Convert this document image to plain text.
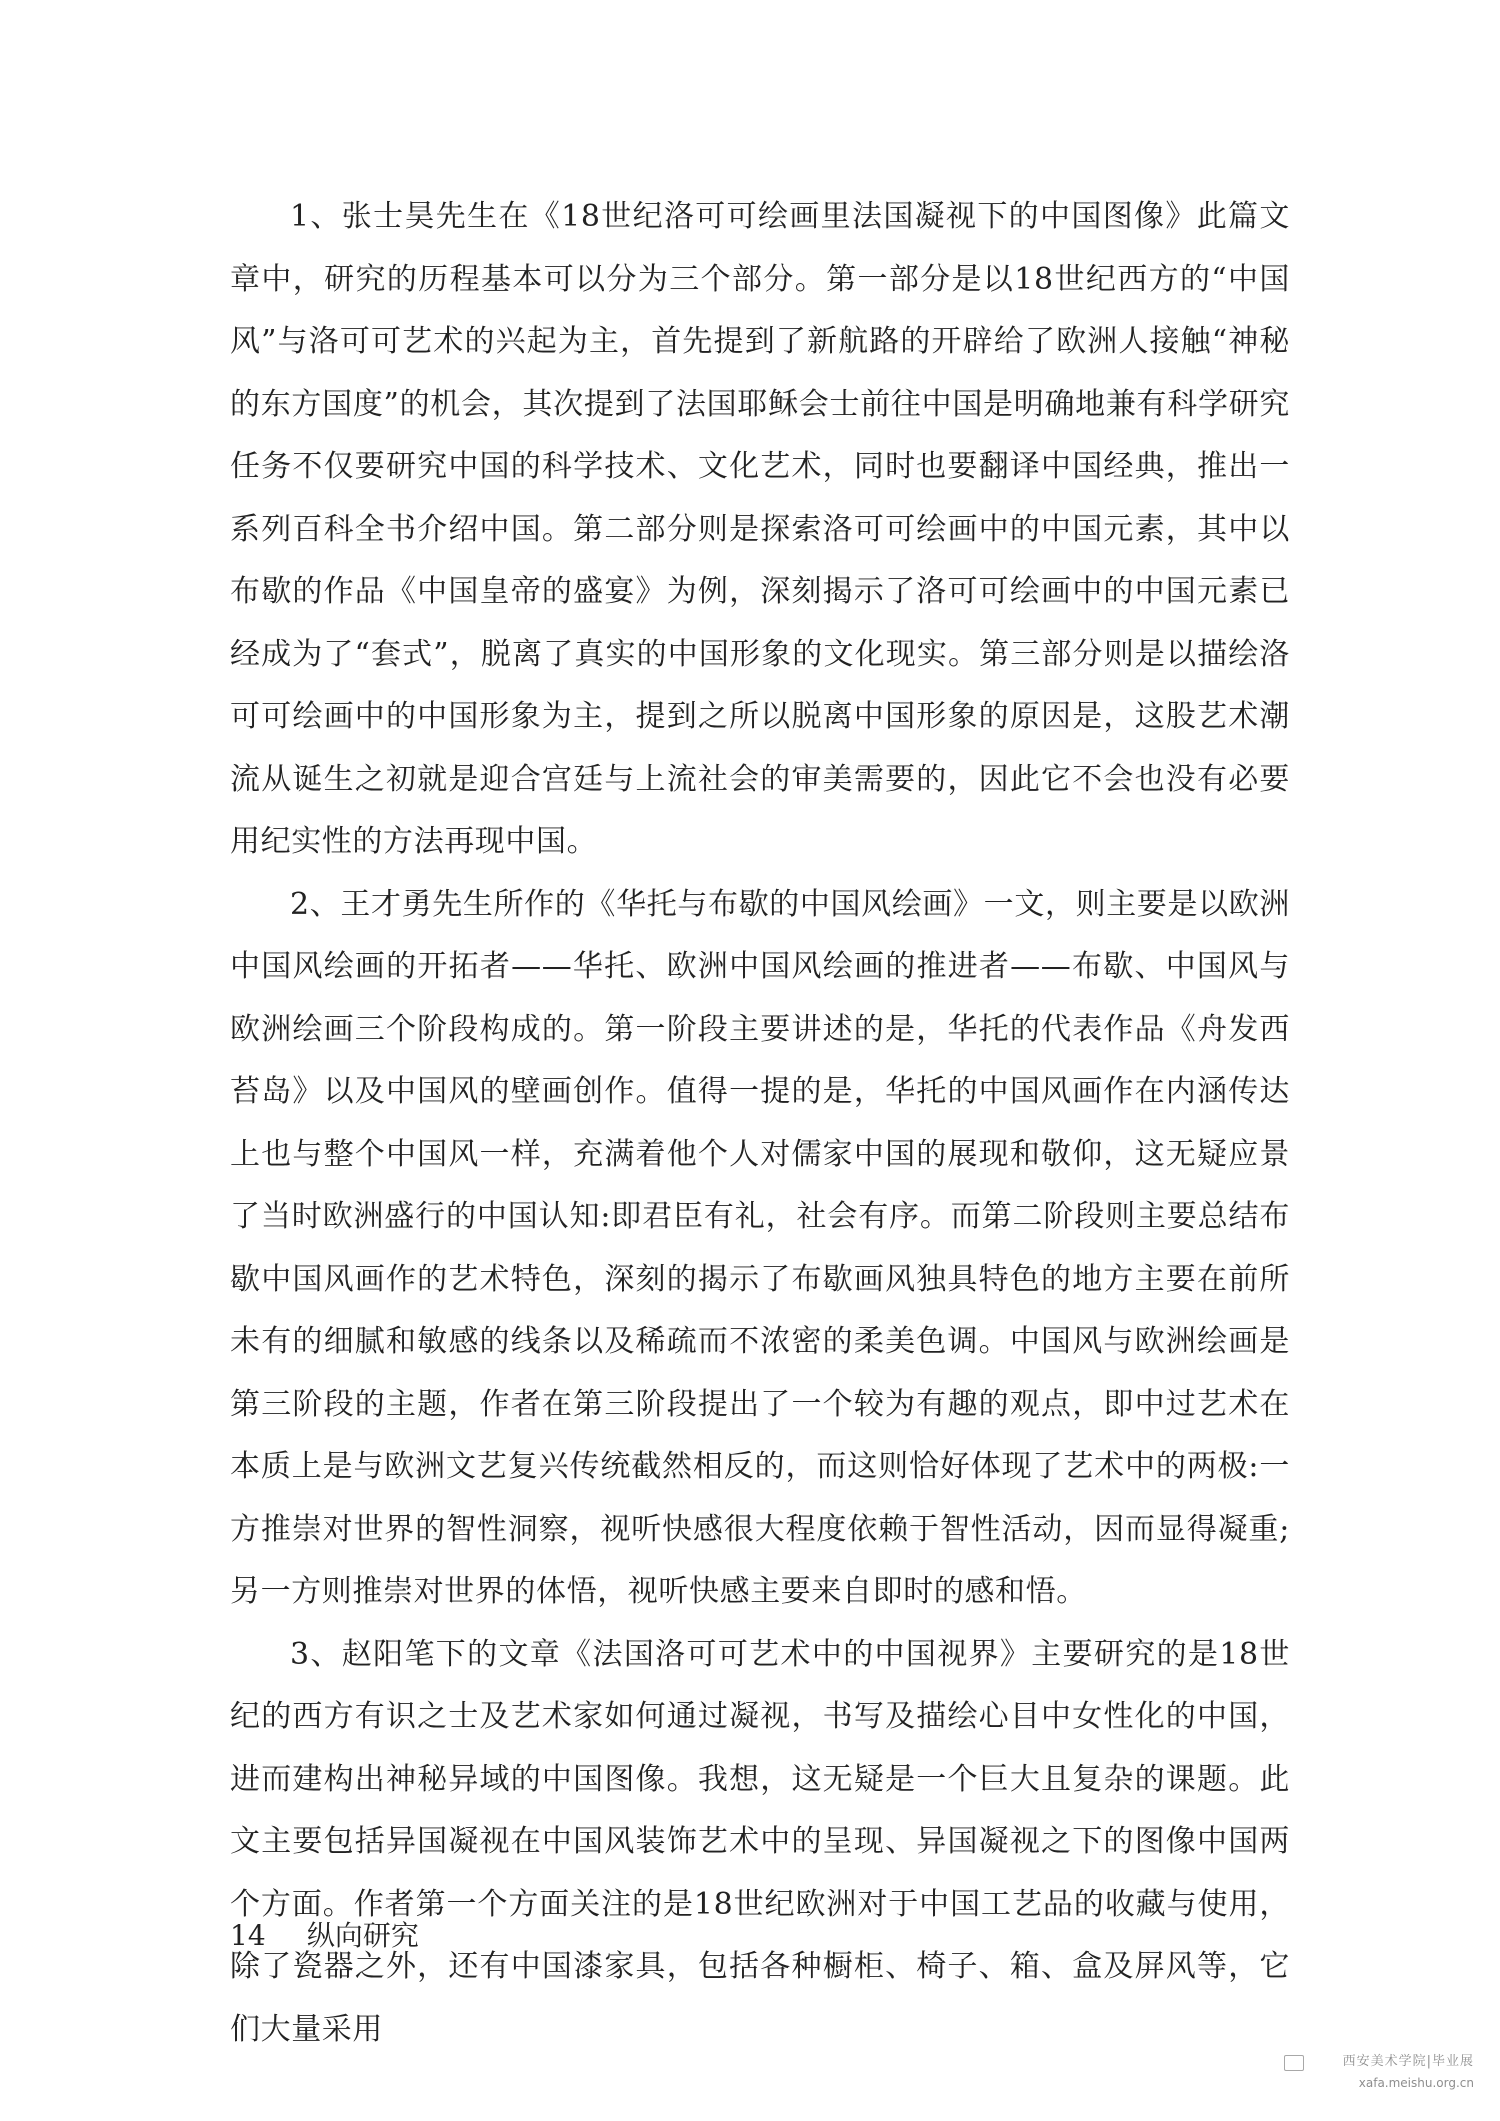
1、张士昊先生在《18世纪洛可可绘画里法国凝视下的中国图像》此篇文章中，研究的历程基本可以分为三个部分。第一部分是以18世纪西方的“中国风”与洛可可艺术的兴起为主，首先提到了新航路的开辟给了欧洲人接触“神秘的东方国度”的机会，其次提到了法国耶稣会士前往中国是明确地兼有科学研究任务不仅要研究中国的科学技术、文化艺术，同时也要翻译中国经典，推出一系列百科全书介绍中国。第二部分则是探索洛可可绘画中的中国元素，其中以布歇的作品《中国皇帝的盛宴》为例，深刻揭示了洛可可绘画中的中国元素已经成为了“套式”，脱离了真实的中国形象的文化现实。第三部分则是以描绘洛可可绘画中的中国形象为主，提到之所以脱离中国形象的原因是，这股艺术潮流从诞生之初就是迎合宫廷与上流社会的审美需要的，因此它不会也没有必要用纪实性的方法再现中国。

2、王才勇先生所作的《华托与布歇的中国风绘画》一文，则主要是以欧洲中国风绘画的开拓者——华托、欧洲中国风绘画的推进者——布歇、中国风与欧洲绘画三个阶段构成的。第一阶段主要讲述的是，华托的代表作品《舟发西苔岛》以及中国风的壁画创作。值得一提的是，华托的中国风画作在内涵传达上也与整个中国风一样，充满着他个人对儒家中国的展现和敬仰，这无疑应景了当时欧洲盛行的中国认知:即君臣有礼，社会有序。而第二阶段则主要总结布歇中国风画作的艺术特色，深刻的揭示了布歇画风独具特色的地方主要在前所未有的细腻和敏感的线条以及稀疏而不浓密的柔美色调。中国风与欧洲绘画是第三阶段的主题，作者在第三阶段提出了一个较为有趣的观点，即中过艺术在本质上是与欧洲文艺复兴传统截然相反的，而这则恰好体现了艺术中的两极:一方推崇对世界的智性洞察，视听快感很大程度依赖于智性活动，因而显得凝重;另一方则推崇对世界的体悟，视听快感主要来自即时的感和悟。

3、赵阳笔下的文章《法国洛可可艺术中的中国视界》主要研究的是18世纪的西方有识之士及艺术家如何通过凝视，书写及描绘心目中女性化的中国，进而建构出神秘异域的中国图像。我想，这无疑是一个巨大且复杂的课题。此文主要包括异国凝视在中国风装饰艺术中的呈现、异国凝视之下的图像中国两个方面。作者第一个方面关注的是18世纪欧洲对于中国工艺品的收藏与使用，除了瓷器之外，还有中国漆家具，包括各种橱柜、椅子、箱、盒及屏风等，它们大量采用

14 纵向研究
西安美术学院|毕业展
xafa.meishu.org.cn
